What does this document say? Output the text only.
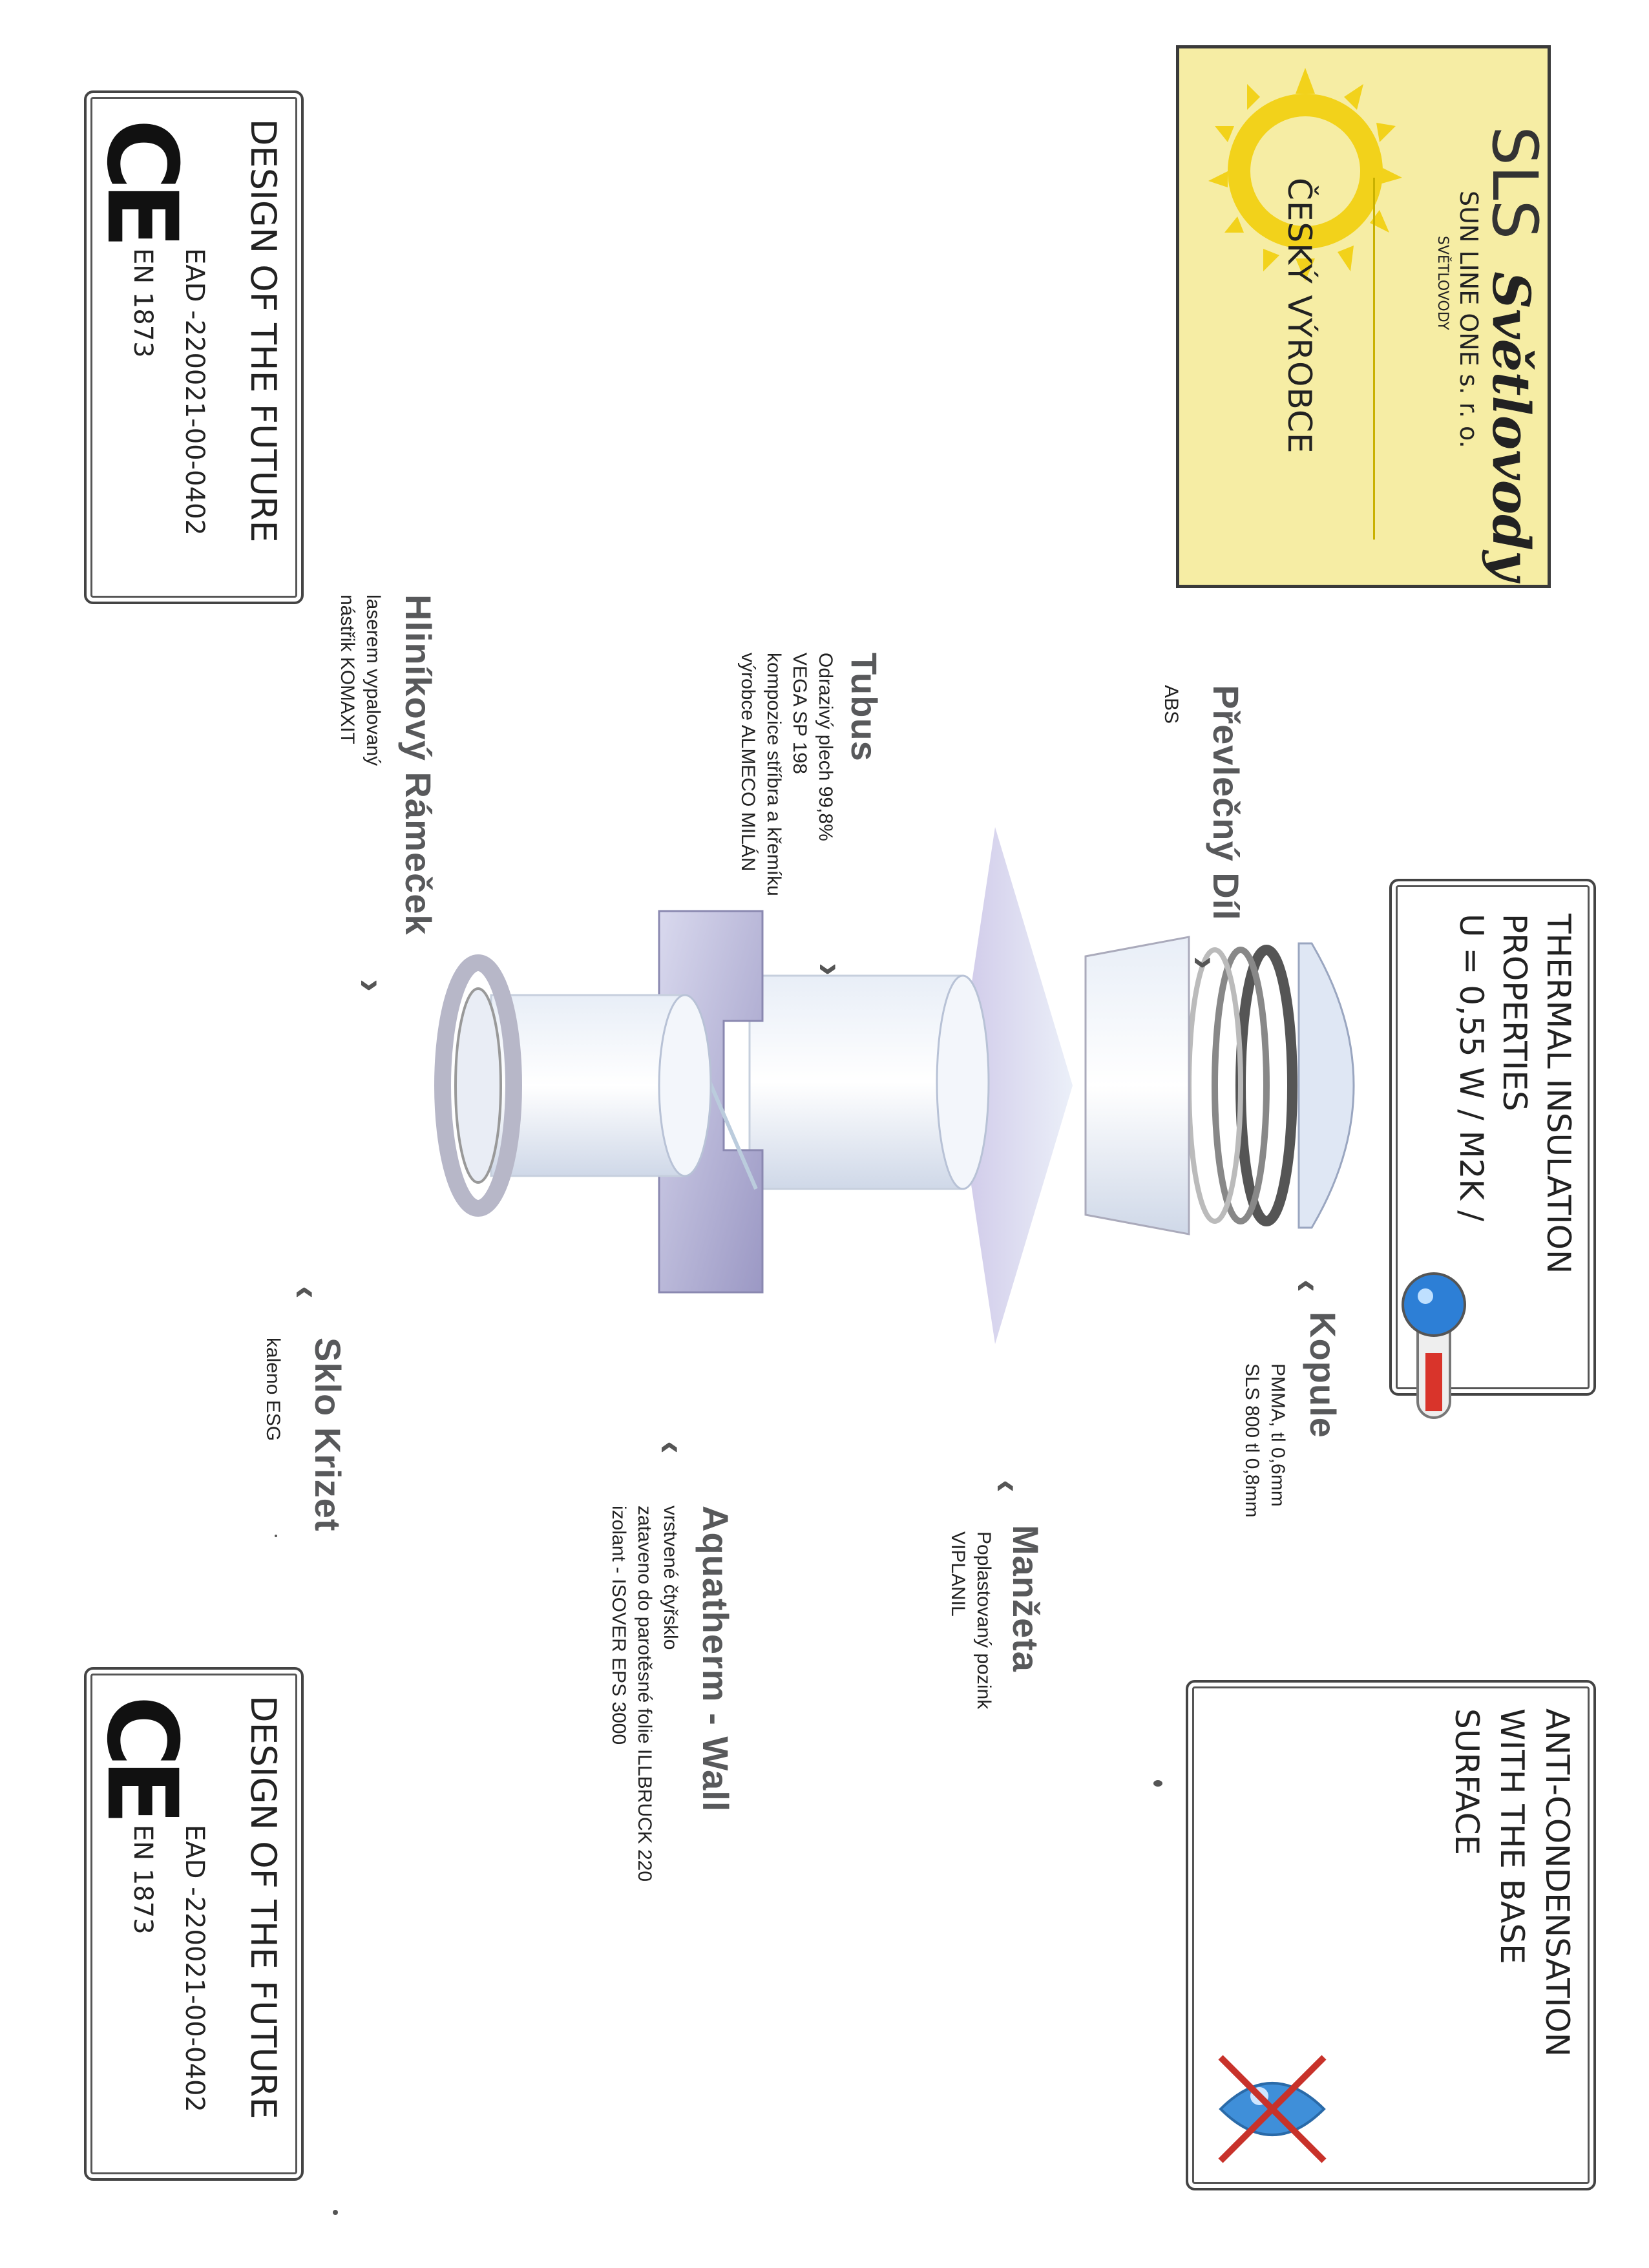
SLS
Světlovody
SUN LINE ONE s. r. o.
SVĚTLOVODY
ČESKÝ VÝROBCE
DESIGN OF THE FUTURE
CE
EAD -220021-00-0402
EN 1873
DESIGN OF THE FUTURE
CE
EAD -220021-00-0402
EN 1873
THERMAL INSULATION
PROPERTIES
U = 0,55 W / M2K /
ANTI-CONDENSATION
WITH THE BASE
SURFACE
Kopule
PMMA, tl 0,6mm
SLS 800 tl 0,8mm
‹
Převlečný Díl
ABS
›
Manžeta
Poplastovaný pozink
VIPLANIL
‹
Tubus
Odrazivý plech 99,8%
VEGA SP 198
kompozice stříbra a křemíku
výrobce ALMECO MILÁN
›
Aquatherm - Wall
vrstvené čtyřsklo
zataveno do parotěsné folie ILLBRUCK 220
izolant - ISOVER EPS 3000
‹
Hliníkový Rámeček
laserem vypalovaný
nástřik KOMAXIT
›
Sklo Krizet
kaleno ESG
‹
